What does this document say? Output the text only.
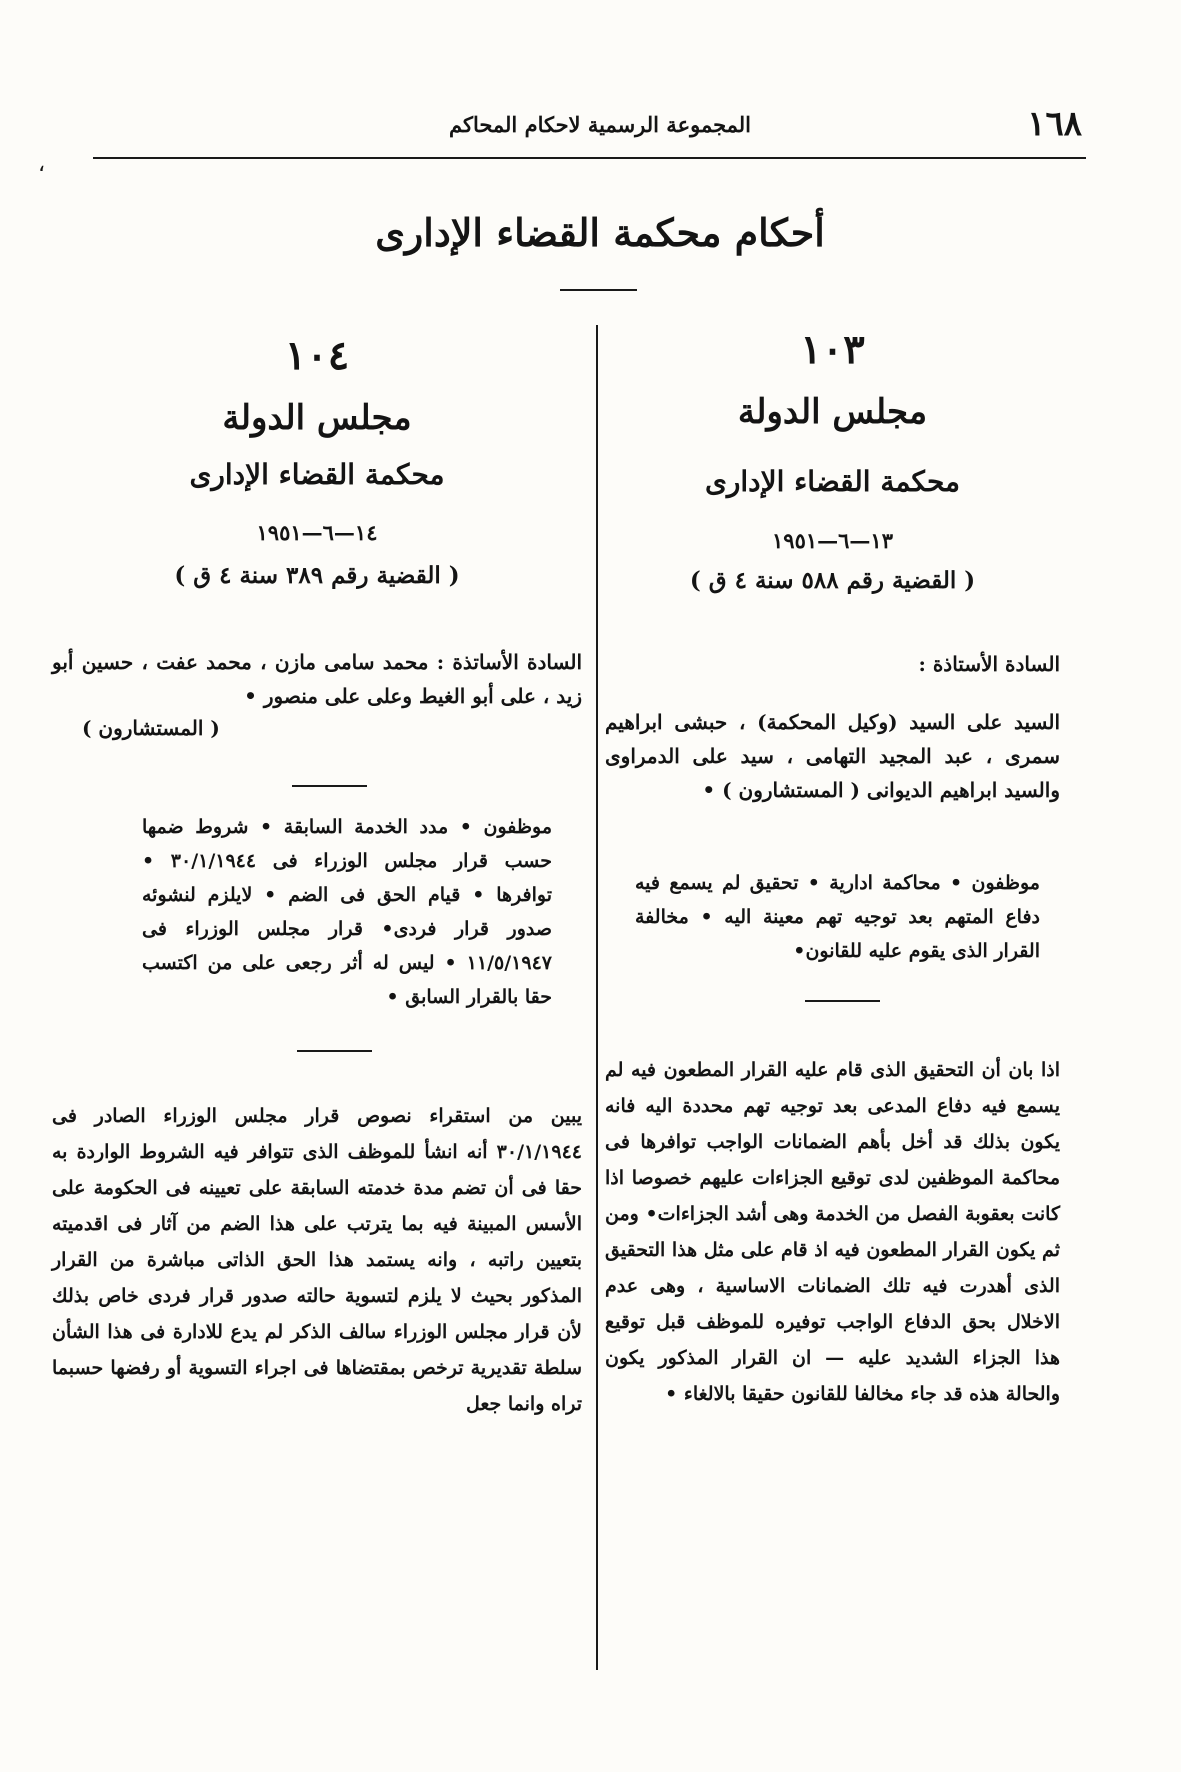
١٦٨
المجموعة الرسمية لاحكام المحاكم
،
أحكام محكمة القضاء الإدارى
١٠٣
مجلس الدولة
محكمة القضاء الإدارى
١٣—٦—١٩٥١
( القضية رقم ٥٨٨ سنة ٤ ق )
السادة الأستاذة :
السيد على السيد (وكيل المحكمة) ، حبشى ابراهيم سمرى ، عبد المجيد التهامى ، سيد على الدمراوى والسيد ابراهيم الديوانى ( المستشارون ) •
موظفون • محاكمة ادارية • تحقيق لم يسمع فيه دفاع المتهم بعد توجيه تهم معينة اليه • مخالفة القرار الذى يقوم عليه للقانون•
اذا بان أن التحقيق الذى قام عليه القرار المطعون فيه لم يسمع فيه دفاع المدعى بعد توجيه تهم محددة اليه فانه يكون بذلك قد أخل بأهم الضمانات الواجب توافرها فى محاكمة الموظفين لدى توقيع الجزاءات عليهم خصوصا اذا كانت بعقوبة الفصل من الخدمة وهى أشد الجزاءات• ومن ثم يكون القرار المطعون فيه اذ قام على مثل هذا التحقيق الذى أهدرت فيه تلك الضمانات الاساسية ، وهى عدم الاخلال بحق الدفاع الواجب توفيره للموظف قبل توقيع هذا الجزاء الشديد عليه — ان القرار المذكور يكون والحالة هذه قد جاء مخالفا للقانون حقيقا بالالغاء •
١٠٤
مجلس الدولة
محكمة القضاء الإدارى
١٤—٦—١٩٥١
( القضية رقم ٣٨٩ سنة ٤ ق )
السادة الأساتذة : محمد سامى مازن ، محمد عفت ، حسين أبو زيد ، على أبو الغيط وعلى على منصور •
( المستشارون )
موظفون • مدد الخدمة السابقة • شروط ضمها حسب قرار مجلس الوزراء فى ٣٠/١/١٩٤٤ • توافرها • قيام الحق فى الضم • لايلزم لنشوئه صدور قرار فردى• قرار مجلس الوزراء فى ١١/٥/١٩٤٧ • ليس له أثر رجعى على من اكتسب حقا بالقرار السابق •
يبين من استقراء نصوص قرار مجلس الوزراء الصادر فى ٣٠/١/١٩٤٤ أنه انشأ للموظف الذى تتوافر فيه الشروط الواردة به حقا فى أن تضم مدة خدمته السابقة على تعيينه فى الحكومة على الأسس المبينة فيه بما يترتب على هذا الضم من آثار فى اقدميته بتعيين راتبه ، وانه يستمد هذا الحق الذاتى مباشرة من القرار المذكور بحيث لا يلزم لتسوية حالته صدور قرار فردى خاص بذلك لأن قرار مجلس الوزراء سالف الذكر لم يدع للادارة فى هذا الشأن سلطة تقديرية ترخص بمقتضاها فى اجراء التسوية أو رفضها حسبما تراه وانما جعل
